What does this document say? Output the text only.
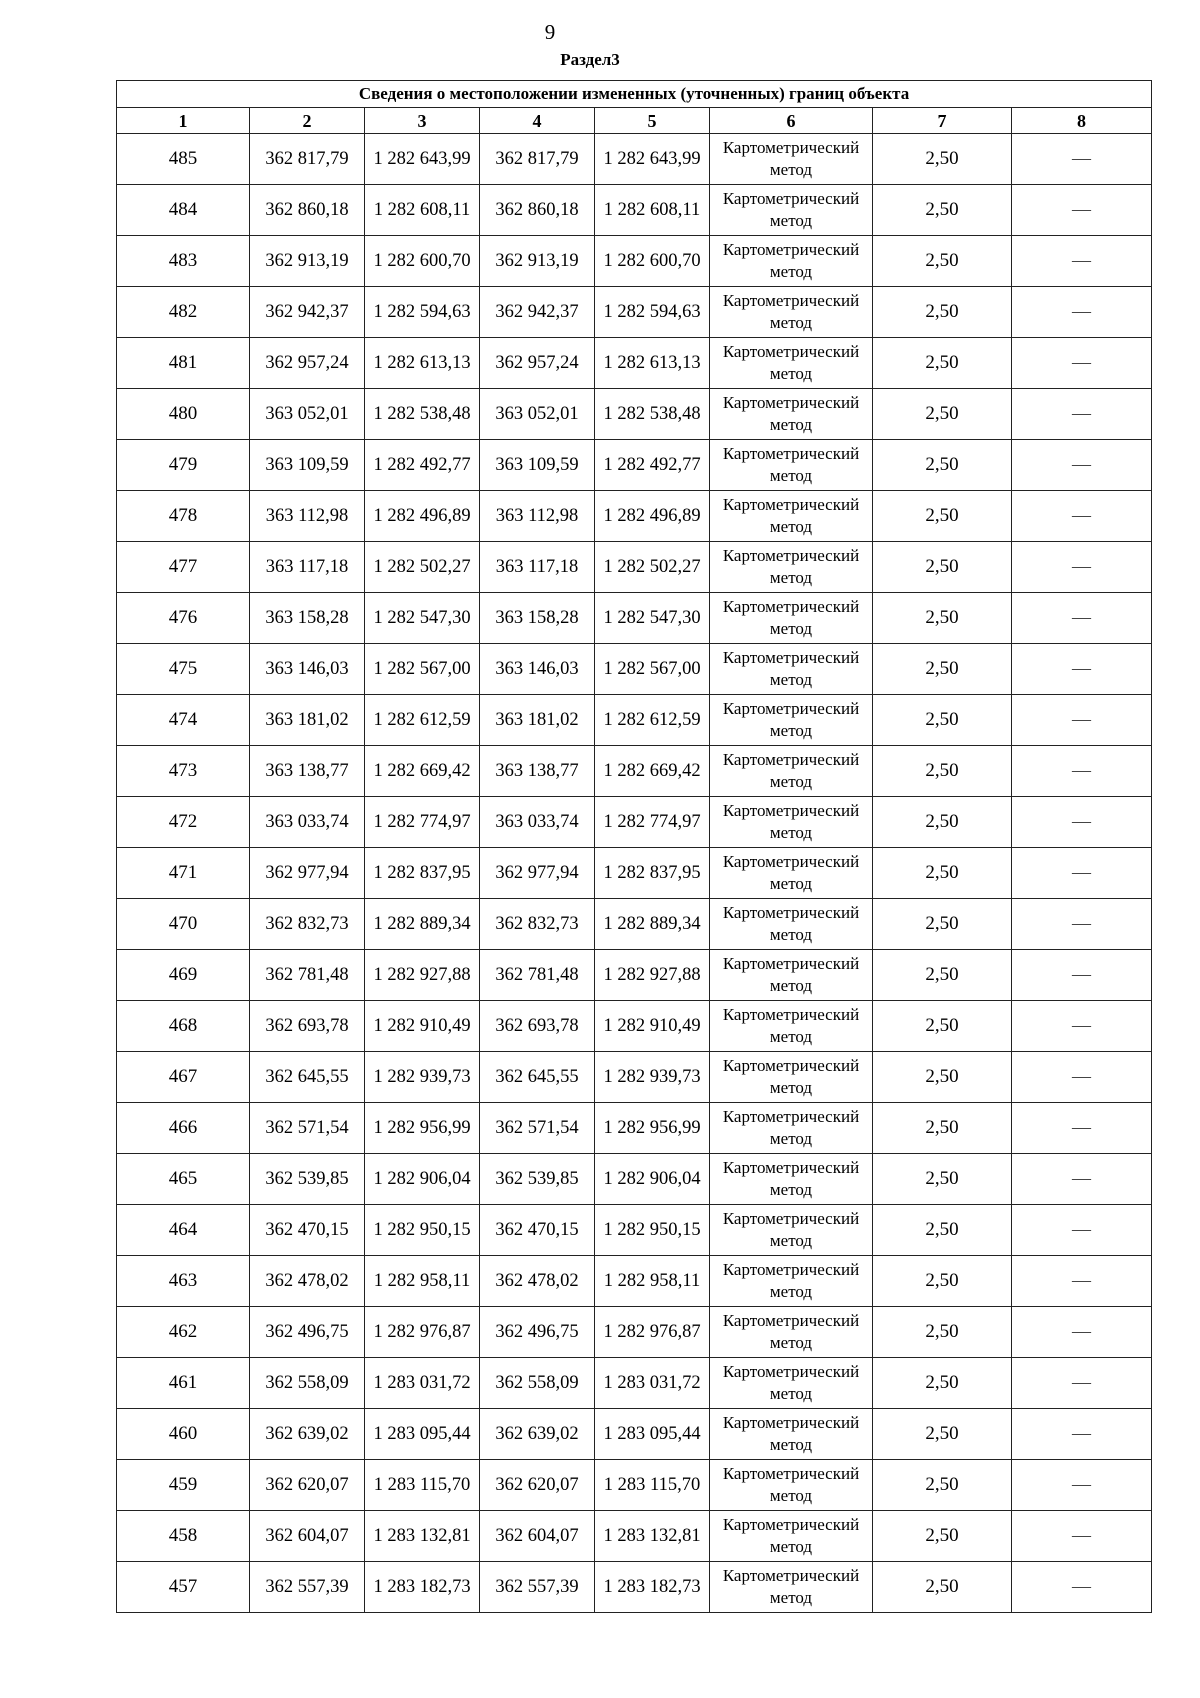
9
Раздел3
Сведения о местоположении измененных (уточненных) границ объекта							
1	2	3	4	5	6	7	8
485	362 817,79	1 282 643,99	362 817,79	1 282 643,99	Картометрический метод	2,50	—
484	362 860,18	1 282 608,11	362 860,18	1 282 608,11	Картометрический метод	2,50	—
483	362 913,19	1 282 600,70	362 913,19	1 282 600,70	Картометрический метод	2,50	—
482	362 942,37	1 282 594,63	362 942,37	1 282 594,63	Картометрический метод	2,50	—
481	362 957,24	1 282 613,13	362 957,24	1 282 613,13	Картометрический метод	2,50	—
480	363 052,01	1 282 538,48	363 052,01	1 282 538,48	Картометрический метод	2,50	—
479	363 109,59	1 282 492,77	363 109,59	1 282 492,77	Картометрический метод	2,50	—
478	363 112,98	1 282 496,89	363 112,98	1 282 496,89	Картометрический метод	2,50	—
477	363 117,18	1 282 502,27	363 117,18	1 282 502,27	Картометрический метод	2,50	—
476	363 158,28	1 282 547,30	363 158,28	1 282 547,30	Картометрический метод	2,50	—
475	363 146,03	1 282 567,00	363 146,03	1 282 567,00	Картометрический метод	2,50	—
474	363 181,02	1 282 612,59	363 181,02	1 282 612,59	Картометрический метод	2,50	—
473	363 138,77	1 282 669,42	363 138,77	1 282 669,42	Картометрический метод	2,50	—
472	363 033,74	1 282 774,97	363 033,74	1 282 774,97	Картометрический метод	2,50	—
471	362 977,94	1 282 837,95	362 977,94	1 282 837,95	Картометрический метод	2,50	—
470	362 832,73	1 282 889,34	362 832,73	1 282 889,34	Картометрический метод	2,50	—
469	362 781,48	1 282 927,88	362 781,48	1 282 927,88	Картометрический метод	2,50	—
468	362 693,78	1 282 910,49	362 693,78	1 282 910,49	Картометрический метод	2,50	—
467	362 645,55	1 282 939,73	362 645,55	1 282 939,73	Картометрический метод	2,50	—
466	362 571,54	1 282 956,99	362 571,54	1 282 956,99	Картометрический метод	2,50	—
465	362 539,85	1 282 906,04	362 539,85	1 282 906,04	Картометрический метод	2,50	—
464	362 470,15	1 282 950,15	362 470,15	1 282 950,15	Картометрический метод	2,50	—
463	362 478,02	1 282 958,11	362 478,02	1 282 958,11	Картометрический метод	2,50	—
462	362 496,75	1 282 976,87	362 496,75	1 282 976,87	Картометрический метод	2,50	—
461	362 558,09	1 283 031,72	362 558,09	1 283 031,72	Картометрический метод	2,50	—
460	362 639,02	1 283 095,44	362 639,02	1 283 095,44	Картометрический метод	2,50	—
459	362 620,07	1 283 115,70	362 620,07	1 283 115,70	Картометрический метод	2,50	—
458	362 604,07	1 283 132,81	362 604,07	1 283 132,81	Картометрический метод	2,50	—
457	362 557,39	1 283 182,73	362 557,39	1 283 182,73	Картометрический метод	2,50	—
